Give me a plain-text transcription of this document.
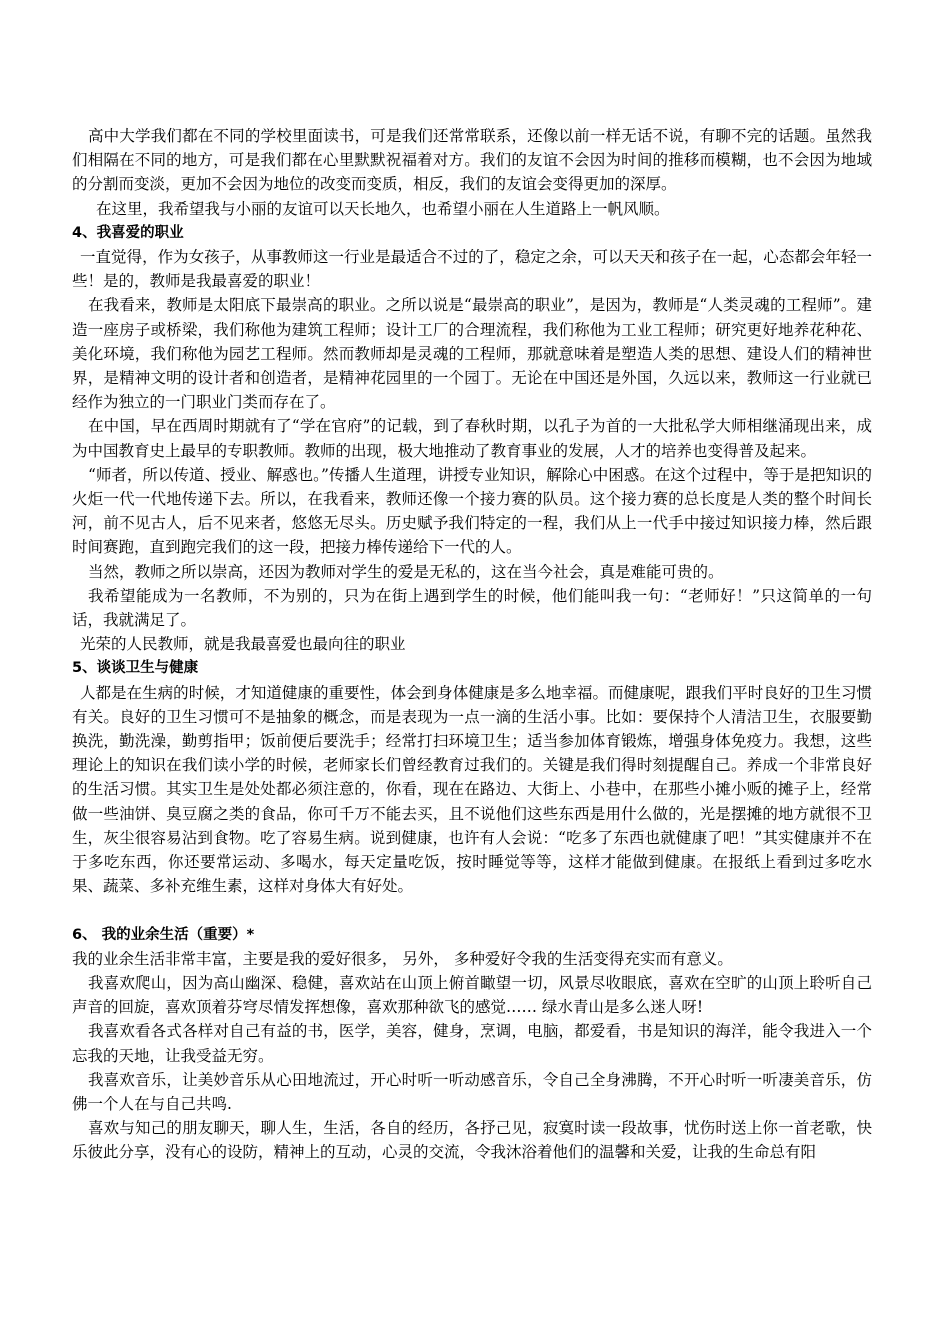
高中大学我们都在不同的学校里面读书，可是我们还常常联系，还像以前一样无话不说，有聊不完的话题。虽然我们相隔在不同的地方，可是我们都在心里默默祝福着对方。我们的友谊不会因为时间的推移而模糊，也不会因为地域的分割而变淡，更加不会因为地位的改变而变质，相反，我们的友谊会变得更加的深厚。

在这里，我希望我与小丽的友谊可以天长地久，也希望小丽在人生道路上一帆风顺。

4、我喜爱的职业

一直觉得，作为女孩子，从事教师这一行业是最适合不过的了，稳定之余，可以天天和孩子在一起，心态都会年轻一些！是的，教师是我最喜爱的职业！

在我看来，教师是太阳底下最崇高的职业。之所以说是“最崇高的职业”，是因为，教师是“人类灵魂的工程师”。建造一座房子或桥梁，我们称他为建筑工程师；设计工厂的合理流程，我们称他为工业工程师；研究更好地养花种花、美化环境，我们称他为园艺工程师。然而教师却是灵魂的工程师，那就意味着是塑造人类的思想、建设人们的精神世界，是精神文明的设计者和创造者，是精神花园里的一个园丁。无论在中国还是外国，久远以来，教师这一行业就已经作为独立的一门职业门类而存在了。

在中国，早在西周时期就有了“学在官府”的记载，到了春秋时期，以孔子为首的一大批私学大师相继涌现出来，成为中国教育史上最早的专职教师。教师的出现，极大地推动了教育事业的发展，人才的培养也变得普及起来。

“师者，所以传道、授业、解惑也。”传播人生道理，讲授专业知识，解除心中困惑。在这个过程中，等于是把知识的火炬一代一代地传递下去。所以，在我看来，教师还像一个接力赛的队员。这个接力赛的总长度是人类的整个时间长河，前不见古人，后不见来者，悠悠无尽头。历史赋予我们特定的一程，我们从上一代手中接过知识接力棒，然后跟时间赛跑，直到跑完我们的这一段，把接力棒传递给下一代的人。

当然，教师之所以崇高，还因为教师对学生的爱是无私的，这在当今社会，真是难能可贵的。

我希望能成为一名教师，不为别的，只为在街上遇到学生的时候，他们能叫我一句：“老师好！”只这简单的一句话，我就满足了。

光荣的人民教师，就是我最喜爱也最向往的职业

5、谈谈卫生与健康

人都是在生病的时候，才知道健康的重要性，体会到身体健康是多么地幸福。而健康呢，跟我们平时良好的卫生习惯有关。良好的卫生习惯可不是抽象的概念，而是表现为一点一滴的生活小事。比如：要保持个人清洁卫生，衣服要勤换洗，勤洗澡，勤剪指甲；饭前便后要洗手；经常打扫环境卫生；适当参加体育锻炼，增强身体免疫力。我想，这些理论上的知识在我们读小学的时候，老师家长们曾经教育过我们的。关键是我们得时刻提醒自己。养成一个非常良好的生活习惯。其实卫生是处处都必须注意的，你看，现在在路边、大街上、小巷中，在那些小摊小贩的摊子上，经常做一些油饼、臭豆腐之类的食品，你可千万不能去买，且不说他们这些东西是用什么做的，光是摆摊的地方就很不卫生，灰尘很容易沾到食物。吃了容易生病。说到健康，也许有人会说：“吃多了东西也就健康了吧！”其实健康并不在于多吃东西，你还要常运动、多喝水，每天定量吃饭，按时睡觉等等，这样才能做到健康。在报纸上看到过多吃水果、蔬菜、多补充维生素，这样对身体大有好处。

6、 我的业余生活（重要）*

我的业余生活非常丰富，主要是我的爱好很多， 另外， 多种爱好令我的生活变得充实而有意义。

我喜欢爬山，因为高山幽深、稳健，喜欢站在山顶上俯首瞰望一切，风景尽收眼底，喜欢在空旷的山顶上聆听自己声音的回旋，喜欢顶着芬穹尽情发挥想像，喜欢那种欲飞的感觉…… 绿水青山是多么迷人呀!

我喜欢看各式各样对自己有益的书，医学，美容，健身，烹调，电脑，都爱看，书是知识的海洋，能令我进入一个忘我的天地，让我受益无穷。

我喜欢音乐，让美妙音乐从心田地流过，开心时听一听动感音乐，令自己全身沸腾，不开心时听一听凄美音乐，仿佛一个人在与自己共鸣.

喜欢与知己的朋友聊天，聊人生，生活，各自的经历，各抒己见，寂寞时读一段故事，忧伤时送上你一首老歌，快乐彼此分享，没有心的设防，精神上的互动，心灵的交流，令我沐浴着他们的温馨和关爱，让我的生命总有阳
